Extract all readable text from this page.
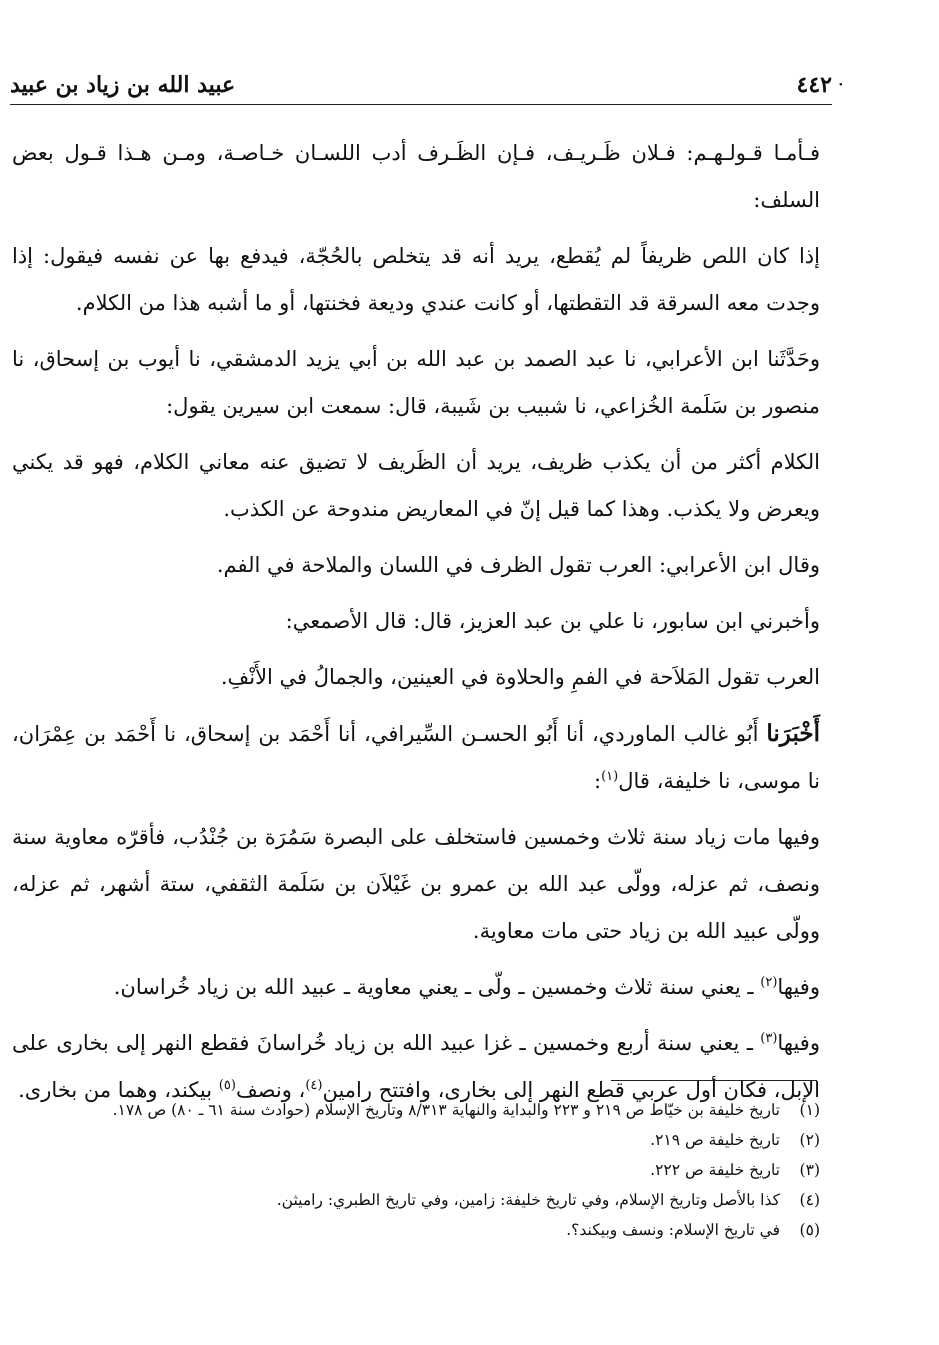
·
٤٤٢
عبيد الله بن زياد بن عبيد

فـأمـا قـولـهـم: فـلان ظَـريـف، فـإن الظَـرف أدب اللسـان خـاصـة، ومـن هـذا قـول بعض السلف:

إذا كان اللص ظريفاً لم يُقطع، يريد أنه قد يتخلص بالحُجّة، فيدفع بها عن نفسه فيقول: إذا وجدت معه السرقة قد التقطتها، أو كانت عندي وديعة فخنتها، أو ما أشبه هذا من الكلام.

وحَدَّثَنا ابن الأعرابي، نا عبد الصمد بن عبد الله بن أبي يزيد الدمشقي، نا أيوب بن إسحاق، نا منصور بن سَلَمة الخُزاعي، نا شبيب بن شَيبة، قال: سمعت ابن سيرين يقول:

الكلام أكثر من أن يكذب ظريف، يريد أن الظَريف لا تضيق عنه معاني الكلام، فهو قد يكني ويعرض ولا يكذب. وهذا كما قيل إنّ في المعاريض مندوحة عن الكذب.

وقال ابن الأعرابي: العرب تقول الظرف في اللسان والملاحة في الفم.

وأخبرني ابن سابور، نا علي بن عبد العزيز، قال: قال الأصمعي:

العرب تقول المَلاَحة في الفمِ والحلاوة في العينين، والجمالُ في الأَنْفِ.

أَخْبَرَنا أَبُو غالب الماوردي، أنا أَبُو الحسـن السِّيرافي، أنا أَحْمَد بن إسحاق، نا أَحْمَد بن عِمْرَان، نا موسى، نا خليفة، قال$^{(١)}$:

وفيها مات زياد سنة ثلاث وخمسين فاستخلف على البصرة سَمُرَة بن جُنْدُب، فأقرّه معاوية سنة ونصف، ثم عزله، وولّى عبد الله بن عمرو بن غَيْلاَن بن سَلَمة الثقفي، ستة أشهر، ثم عزله، وولّى عبيد الله بن زياد حتى مات معاوية.

وفيها$^{(٢)}$ ـ يعني سنة ثلاث وخمسين ـ ولّى ـ يعني معاوية ـ عبيد الله بن زياد خُراسان.

وفيها$^{(٣)}$ ـ يعني سنة أربع وخمسين ـ غزا عبيد الله بن زياد خُراسانَ فقطع النهر إلى بخارى على الإبل، فكان أول عربي قطع النهر إلى بخارى، وافتتح رامين$^{(٤)}$، ونصف$^{(٥)}$ بيكند، وهما من بخارى.

(١)
تاريخ خليفة بن خيّاط ص ٢١٩ و ٢٢٣ والبداية والنهاية ٨/٣١٣ وتاريخ الإسلام (حوادث سنة ٦١ ـ ٨٠) ص ١٧٨.
(٢)
تاريخ خليفة ص ٢١٩.
(٣)
تاريخ خليفة ص ٢٢٢.
(٤)
كذا بالأصل وتاريخ الإسلام، وفي تاريخ خليفة: زامين، وفي تاريخ الطبري: راميثن.
(٥)
في تاريخ الإسلام: ونسف وبيكند؟.
